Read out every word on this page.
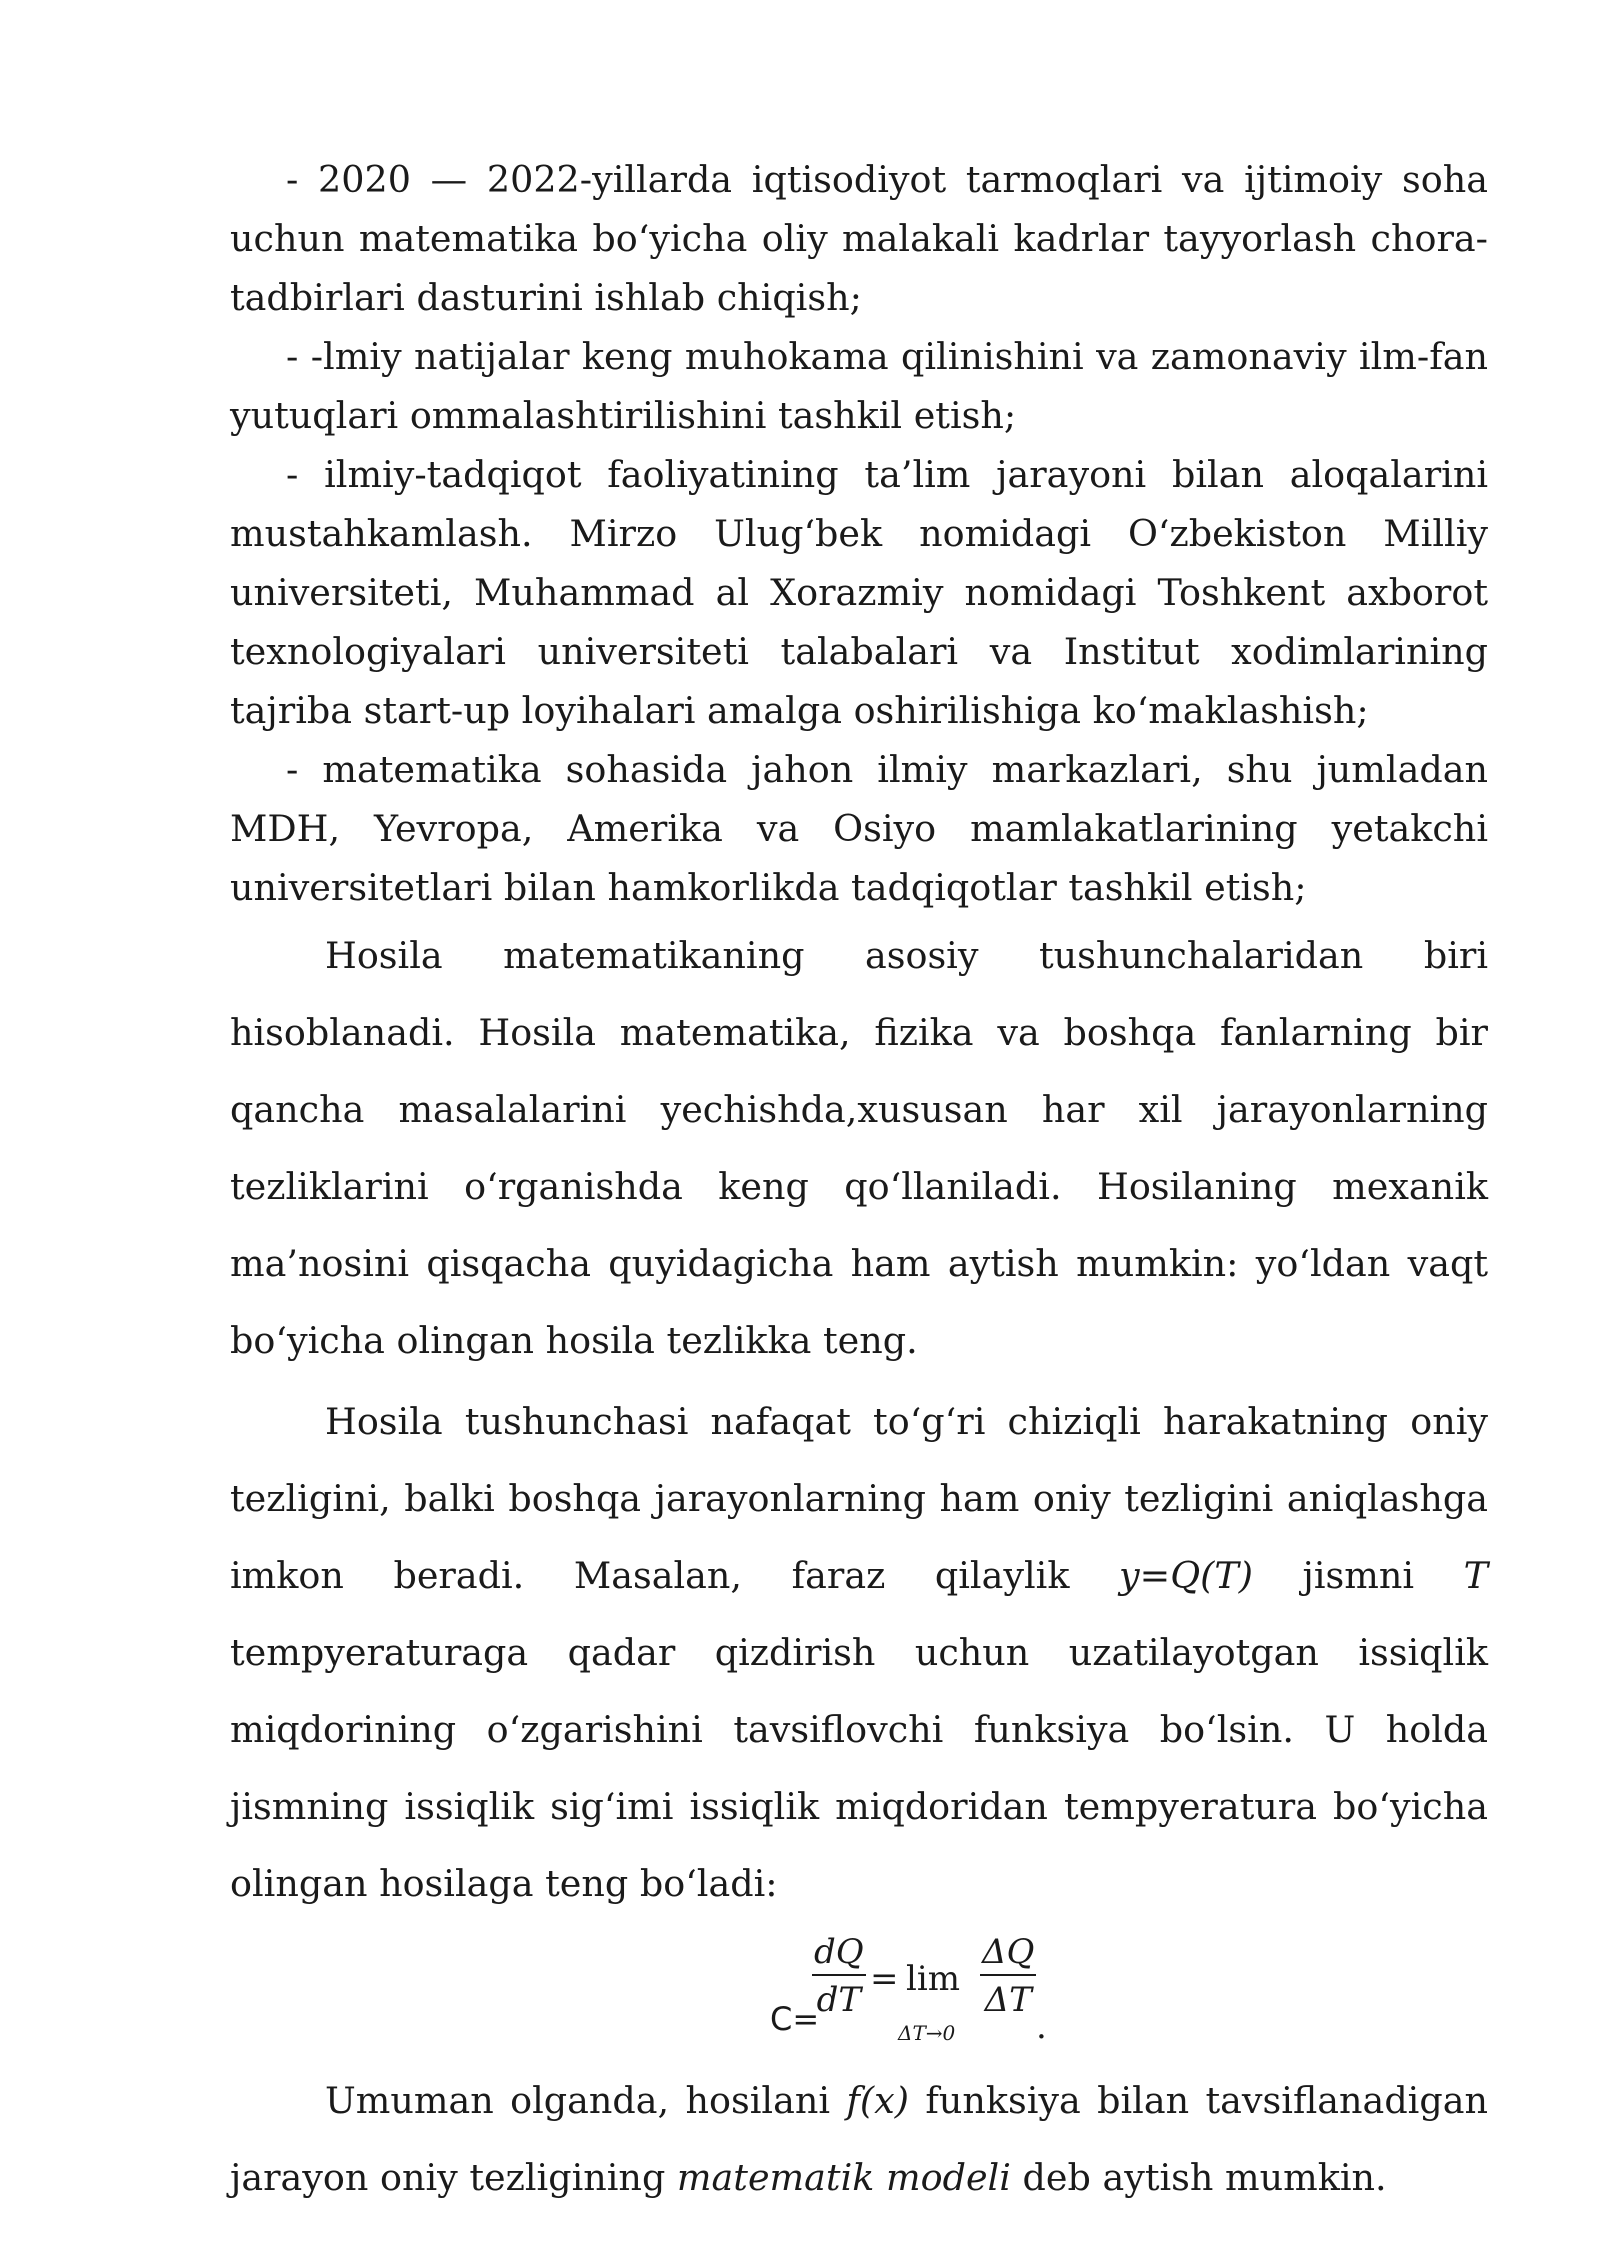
- 2020 — 2022-yillarda iqtisodiyot tarmoqlari va ijtimoiy soha uchun matematika bo‘yicha oliy malakali kadrlar tayyorlash chora-tadbirlari dasturini ishlab chiqish;

- -lmiy natijalar keng muhokama qilinishini va zamonaviy ilm-fan yutuqlari ommalashtirilishini tashkil etish;

- ilmiy-tadqiqot faoliyatining ta’lim jarayoni bilan aloqalarini mustahkamlash. Mirzo Ulug‘bek nomidagi O‘zbekiston Milliy universiteti, Muhammad al Xorazmiy nomidagi Toshkent axborot texnologiyalari universiteti talabalari va Institut xodimlarining tajriba start-up loyihalari amalga oshirilishiga ko‘maklashish;

- matematika sohasida jahon ilmiy markazlari, shu jumladan MDH, Yevropa, Amerika va Osiyo mamlakatlarining yetakchi universitetlari bilan hamkorlikda tadqiqotlar tashkil etish;

Hosila matematikaning asosiy tushunchalaridan biri hisoblanadi. Hosila matematika, fizika va boshqa fanlarning bir qancha masalalarini yechishda,xususan har xil jarayonlarning tezliklarini o‘rganishda keng qo‘llaniladi. Hosilaning mexanik ma’nosini qisqacha quyidagicha ham aytish mumkin: yo‘ldan vaqt bo‘yicha olingan hosila tezlikka teng.

Hosila tushunchasi nafaqat to‘g‘ri chiziqli harakatning oniy tezligini, balki boshqa jarayonlarning ham oniy tezligini aniqlashga imkon beradi. Masalan, faraz qilaylik y=Q(T) jismni T tempyeraturaga qadar qizdirish uchun uzatilayotgan issiqlik miqdorining o‘zgarishini tavsiflovchi funksiya bo‘lsin. U holda jismning issiqlik sig‘imi issiqlik miqdoridan tempyeratura bo‘yicha olingan hosilaga teng bo‘ladi:

C=
$\frac{dQ}{dT} = \lim$
ΔT→0
$\frac{\Delta Q}{\Delta T}$
.

Umuman olganda, hosilani f(x) funksiya bilan tavsiflanadigan jarayon oniy tezligining matematik modeli deb aytish mumkin.
